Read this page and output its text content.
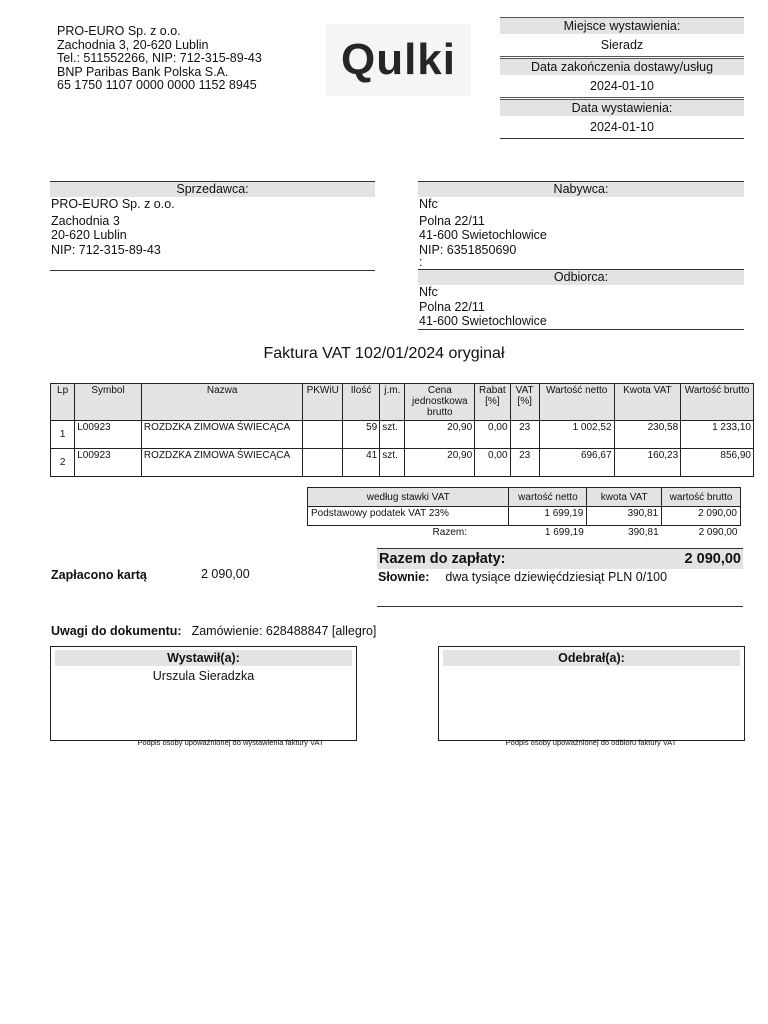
PRO-EURO Sp. z o.o.
Zachodnia 3, 20-620 Lublin
Tel.: 511552266, NIP: 712-315-89-43
BNP Paribas Bank Polska S.A.
65 1750 1107 0000 0000 1152 8945
Qulki
Miejsce wystawienia:
Sieradz
Data zakończenia dostawy/usług
2024-01-10
Data wystawienia:
2024-01-10
Sprzedawca:
PRO-EURO Sp. z o.o.
Zachodnia 3
20-620 Lublin
NIP: 712-315-89-43
Nabywca:
Nfc
Polna 22/11
41-600 Swietochlowice
NIP: 6351850690
:
Odbiorca:
Nfc
Polna 22/11
41-600 Swietochlowice
Faktura VAT 102/01/2024 oryginał
Lp	Symbol	Nazwa	PKWiU	Ilość	j.m.	Cena jednostkowa brutto	Rabat [%]	VAT [%]	Wartość netto	Kwota VAT	Wartość brutto
1	L00923	ROZDZKA ZIMOWA ŚWIECĄCA		59	szt.	20,90	0,00	23	1 002,52	230,58	1 233,10
2	L00923	ROZDZKA ZIMOWA ŚWIECĄCA		41	szt.	20,90	0,00	23	696,67	160,23	856,90
według stawki VAT	wartość netto	kwota VAT	wartość brutto
Podstawowy podatek VAT 23%	1 699,19	390,81	2 090,00
Razem:	1 699,19	390,81	2 090,00
Zapłacono kartą	2 090,00
Razem do zapłaty:	2 090,00
Słownie: dwa tysiące dziewięćdziesiąt PLN 0/100
Uwagi do dokumentu: Zamówienie: 628488847 [allegro]
Wystawił(a):
Urszula Sieradzka
Podpis osoby upoważnionej do wystawienia faktury VAT
Odebrał(a):
Podpis osoby upoważnionej do odbioru faktury VAT
